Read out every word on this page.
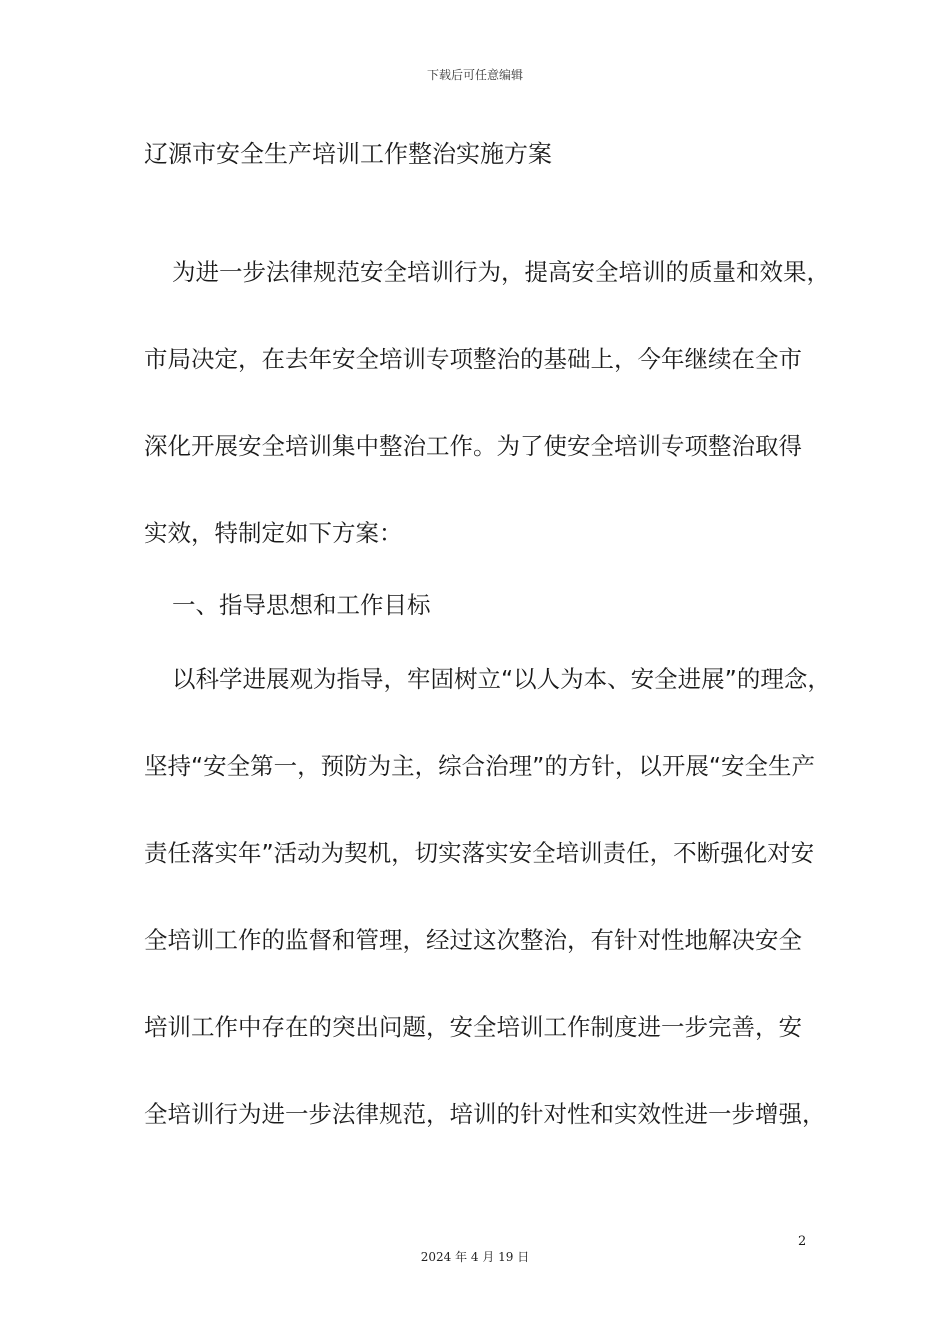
下载后可任意编辑
辽源市安全生产培训工作整治实施方案
为进一步法律规范安全培训行为，提高安全培训的质量和效果，
市局决定，在去年安全培训专项整治的基础上，今年继续在全市
深化开展安全培训集中整治工作。为了使安全培训专项整治取得
实效，特制定如下方案：
一、指导思想和工作目标
以科学进展观为指导，牢固树立“以人为本、安全进展”的理念，
坚持“安全第一，预防为主，综合治理”的方针，以开展“安全生产
责任落实年”活动为契机，切实落实安全培训责任，不断强化对安
全培训工作的监督和管理，经过这次整治，有针对性地解决安全
培训工作中存在的突出问题，安全培训工作制度进一步完善，安
全培训行为进一步法律规范，培训的针对性和实效性进一步增强，
2
2024 年 4 月 19 日
